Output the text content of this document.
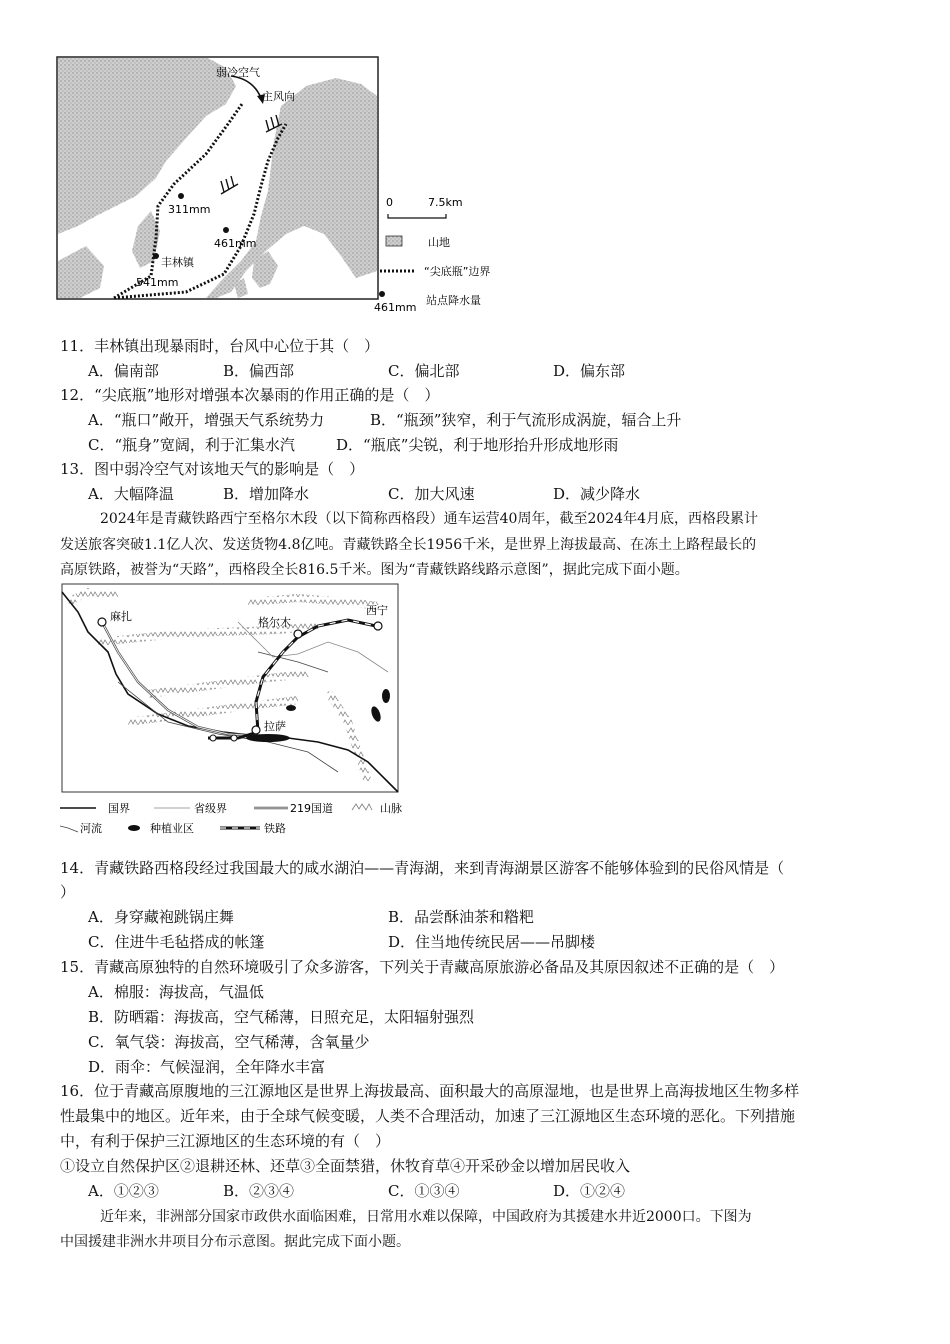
弱冷空气
主风向
311mm
461mm
丰林镇
541mm
0	7.5km
山地
“尖底瓶”边界
461mm
站点降水量
11．丰林镇出现暴雨时，台风中心位于其（　）
A．偏南部	B．偏西部	C．偏北部	D．偏东部
12．“尖底瓶”地形对增强本次暴雨的作用正确的是（　）
A．“瓶口”敞开，增强天气系统势力	B．“瓶颈”狭窄，利于气流形成涡旋，辐合上升
C．“瓶身”宽阔，利于汇集水汽	D．“瓶底”尖锐，利于地形抬升形成地形雨
13．图中弱冷空气对该地天气的影响是（　）
A．大幅降温	B．增加降水	C．加大风速	D．减少降水
2024年是青藏铁路西宁至格尔木段（以下简称西格段）通车运营40周年，截至2024年4月底，西格段累计
发送旅客突破1.1亿人次、发送货物4.8亿吨。青藏铁路全长1956千米，是世界上海拔最高、在冻土上路程最长的
高原铁路，被誉为“天路”，西格段全长816.5千米。图为“青藏铁路线路示意图”，据此完成下面小题。
麻扎	格尔木
西宁
拉萨
国界	省级界	219国道	山脉
河流	种植业区	铁路
14．青藏铁路西格段经过我国最大的咸水湖泊——青海湖，来到青海湖景区游客不能够体验到的民俗风情是（
）
A．身穿藏袍跳锅庄舞	B．品尝酥油茶和糌粑
C．住进牛毛毡搭成的帐篷	D．住当地传统民居——吊脚楼
15．青藏高原独特的自然环境吸引了众多游客，下列关于青藏高原旅游必备品及其原因叙述不正确的是（　）
A．棉服：海拔高，气温低
B．防晒霜：海拔高，空气稀薄，日照充足，太阳辐射强烈
C．氧气袋：海拔高，空气稀薄，含氧量少
D．雨伞：气候湿润，全年降水丰富
16．位于青藏高原腹地的三江源地区是世界上海拔最高、面积最大的高原湿地，也是世界上高海拔地区生物多样
性最集中的地区。近年来，由于全球气候变暖，人类不合理活动，加速了三江源地区生态环境的恶化。下列措施
中，有利于保护三江源地区的生态环境的有（　）
①设立自然保护区②退耕还林、还草③全面禁猎，休牧育草④开采砂金以增加居民收入
A．①②③	B．②③④	C．①③④	D．①②④
近年来，非洲部分国家市政供水面临困难，日常用水难以保障，中国政府为其援建水井近2000口。下图为
中国援建非洲水井项目分布示意图。据此完成下面小题。
